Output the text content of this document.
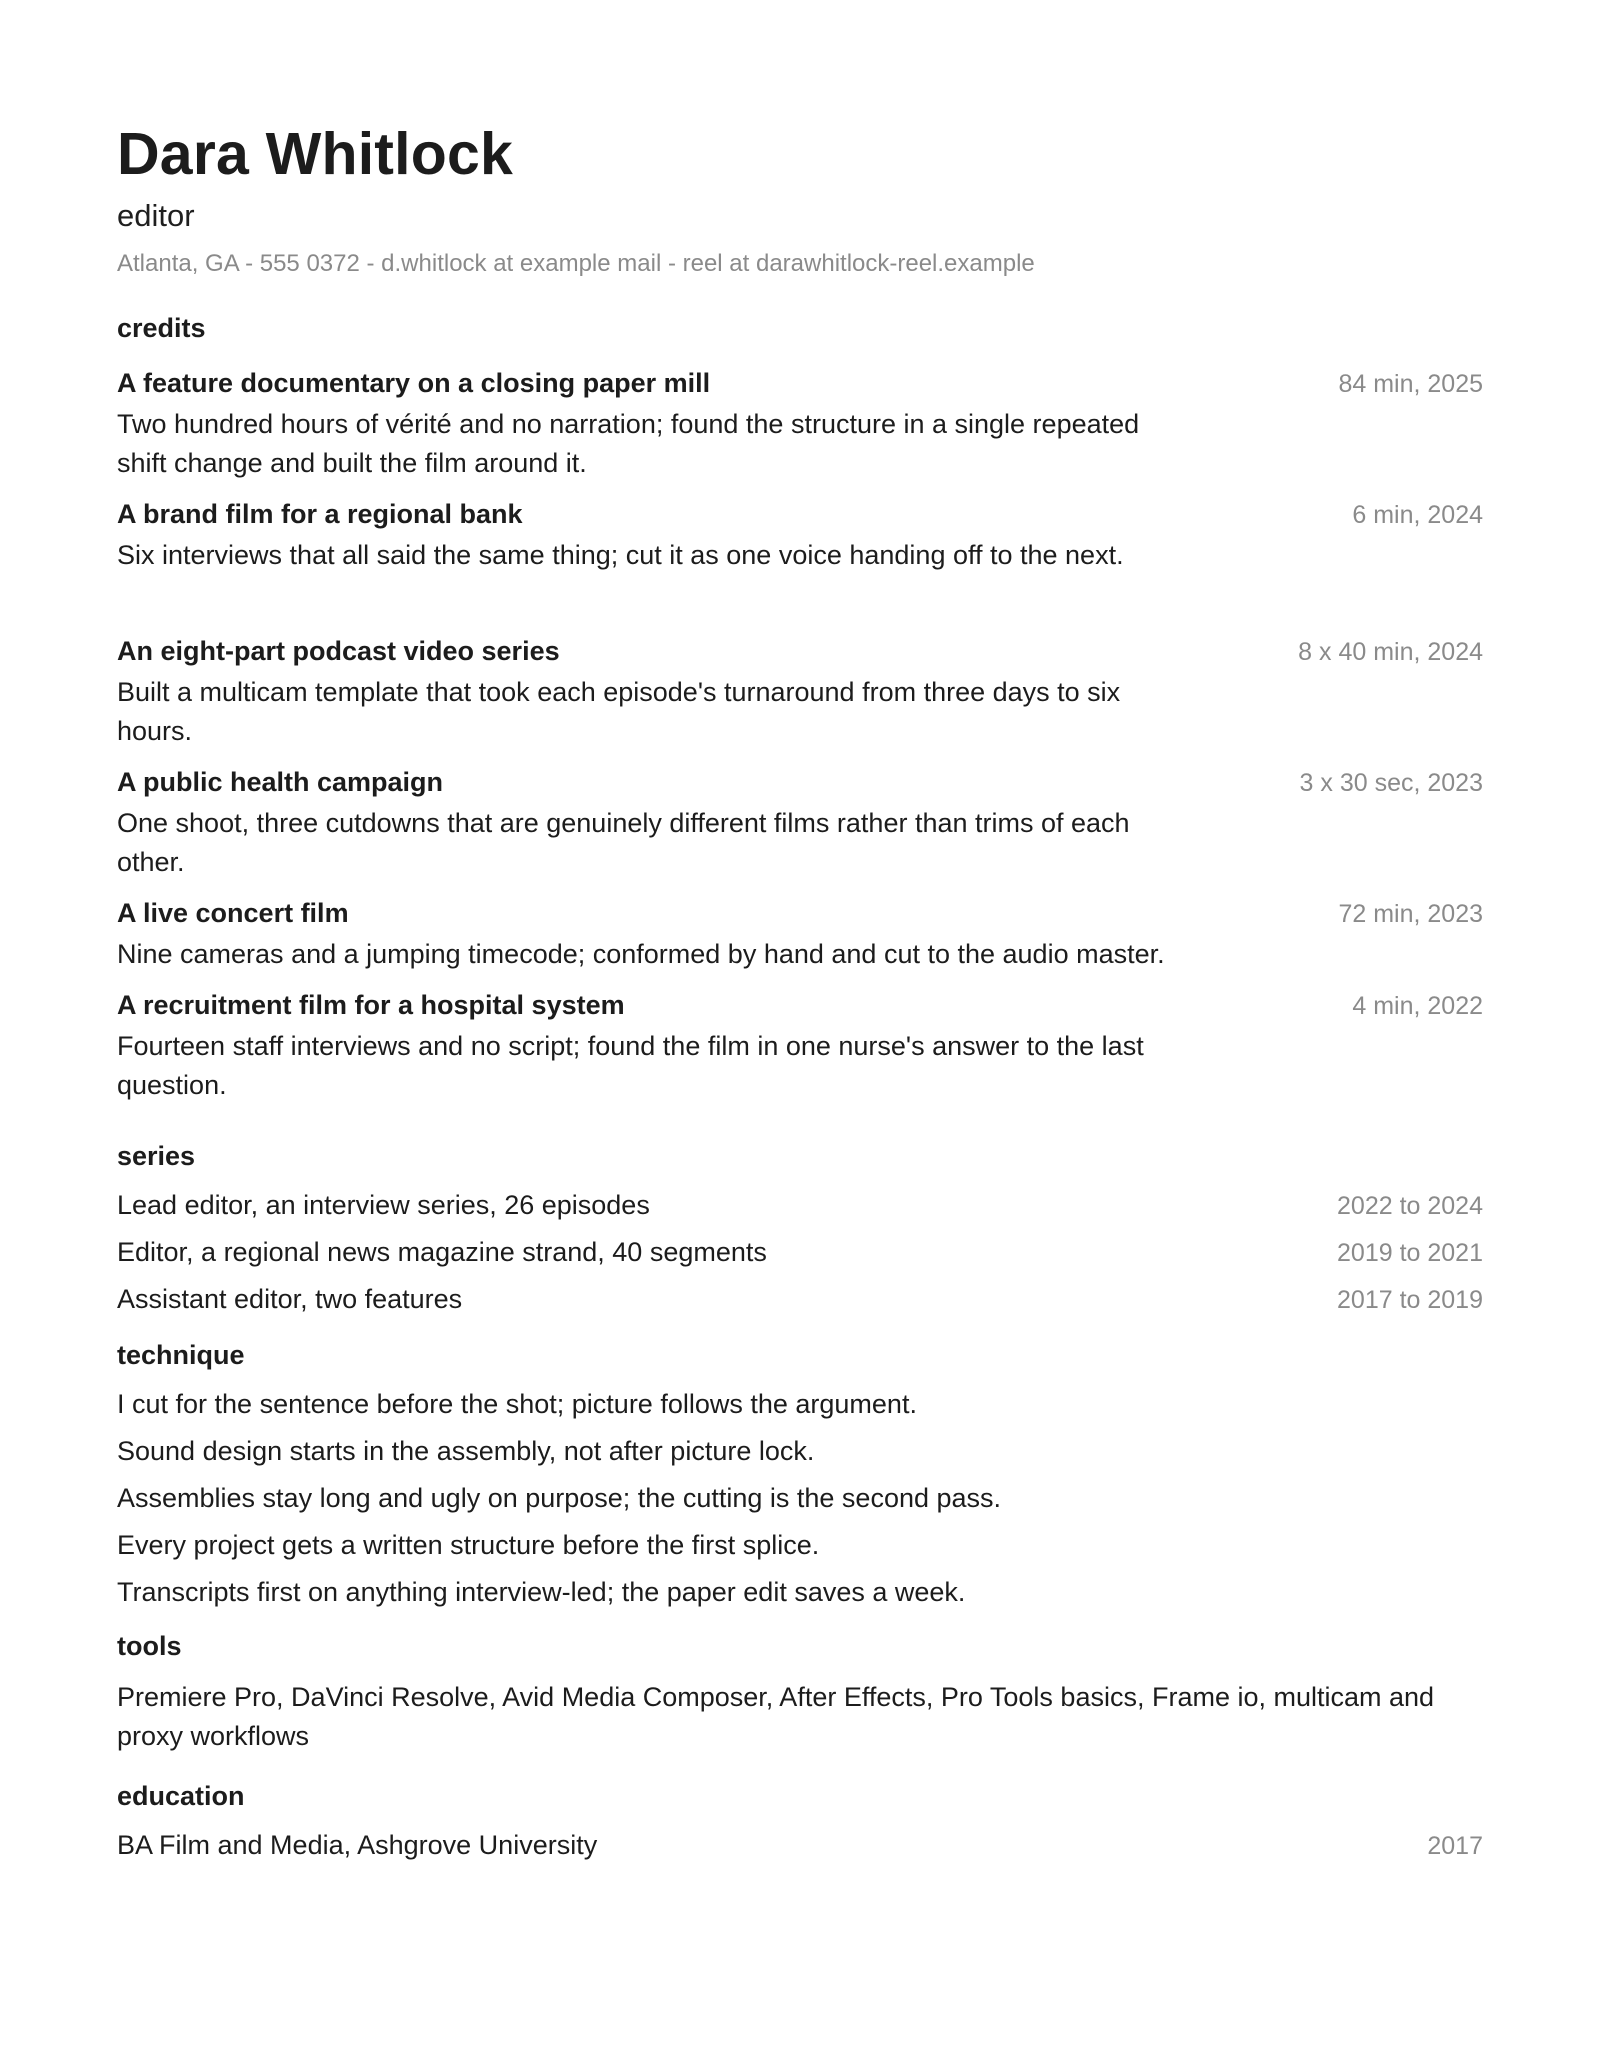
Dara Whitlock
editor
Atlanta, GA - 555 0372 - d.whitlock at example mail - reel at darawhitlock-reel.example
credits
A feature documentary on a closing paper mill	84 min, 2025
Two hundred hours of vérité and no narration; found the structure in a single repeated shift change and built the film around it.
A brand film for a regional bank	6 min, 2024
Six interviews that all said the same thing; cut it as one voice handing off to the next.
An eight-part podcast video series	8 x 40 min, 2024
Built a multicam template that took each episode's turnaround from three days to six hours.
A public health campaign	3 x 30 sec, 2023
One shoot, three cutdowns that are genuinely different films rather than trims of each other.
A live concert film	72 min, 2023
Nine cameras and a jumping timecode; conformed by hand and cut to the audio master.
A recruitment film for a hospital system	4 min, 2022
Fourteen staff interviews and no script; found the film in one nurse's answer to the last question.
series
Lead editor, an interview series, 26 episodes	2022 to 2024
Editor, a regional news magazine strand, 40 segments	2019 to 2021
Assistant editor, two features	2017 to 2019
technique
I cut for the sentence before the shot; picture follows the argument.
Sound design starts in the assembly, not after picture lock.
Assemblies stay long and ugly on purpose; the cutting is the second pass.
Every project gets a written structure before the first splice.
Transcripts first on anything interview-led; the paper edit saves a week.
tools
Premiere Pro, DaVinci Resolve, Avid Media Composer, After Effects, Pro Tools basics, Frame io, multicam and proxy workflows
education
BA Film and Media, Ashgrove University	2017
